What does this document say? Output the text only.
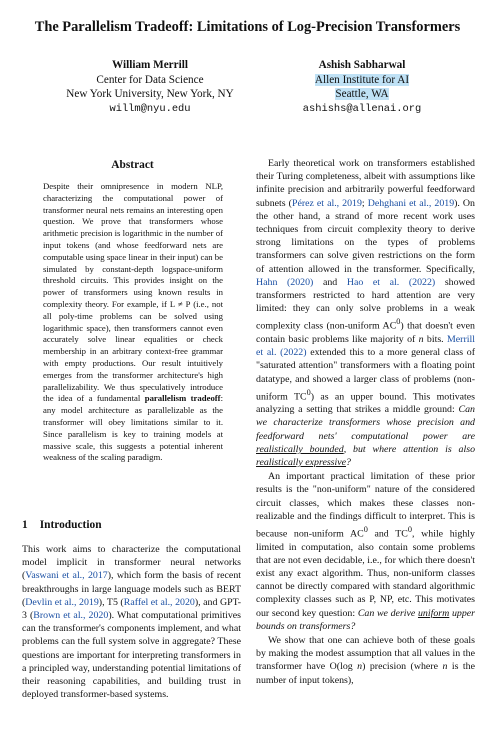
The Parallelism Tradeoff: Limitations of Log-Precision Transformers
William Merrill
Center for Data Science
New York University, New York, NY
willm@nyu.edu
Ashish Sabharwal
Allen Institute for AI
Seattle, WA
ashishs@allenai.org
Abstract

Despite their omnipresence in modern NLP, characterizing the computational power of transformer neural nets remains an interesting open question. We prove that transformers whose arithmetic precision is logarithmic in the number of input tokens (and whose feedforward nets are computable using space linear in their input) can be simulated by constant-depth logspace-uniform threshold circuits. This provides insight on the power of transformers using known results in complexity theory. For example, if L ≠ P (i.e., not all poly-time problems can be solved using logarithmic space), then transformers cannot even accurately solve linear equalities or check membership in an arbitrary context-free grammar with empty productions. Our result intuitively emerges from the transformer architecture's high parallelizability. We thus speculatively introduce the idea of a fundamental parallelism tradeoff: any model architecture as parallelizable as the transformer will obey limitations similar to it. Since parallelism is key to training models at massive scale, this suggests a potential inherent weakness of the scaling paradigm.

1 Introduction

This work aims to characterize the computational model implicit in transformer neural networks (Vaswani et al., 2017), which form the basis of recent breakthroughs in large language models such as BERT (Devlin et al., 2019), T5 (Raffel et al., 2020), and GPT-3 (Brown et al., 2020). What computational primitives can the transformer's components implement, and what problems can the full system solve in aggregate? These questions are important for interpreting transformers in a principled way, understanding potential limitations of their reasoning capabilities, and building trust in deployed transformer-based systems.

Early theoretical work on transformers established their Turing completeness, albeit with assumptions like infinite precision and arbitrarily powerful feedforward subnets (Pérez et al., 2019; Dehghani et al., 2019). On the other hand, a strand of more recent work uses techniques from circuit complexity theory to derive strong limitations on the types of problems transformers can solve given restrictions on the form of attention allowed in the transformer. Specifically, Hahn (2020) and Hao et al. (2022) showed transformers restricted to hard attention are very limited: they can only solve problems in a weak complexity class (non-uniform $AC^0$) that doesn't even contain basic problems like majority of n bits. Merrill et al. (2022) extended this to a more general class of "saturated attention" transformers with a floating point datatype, and showed a larger class of problems (non-uniform $TC^0$) as an upper bound. This motivates analyzing a setting that strikes a middle ground: Can we characterize transformers whose precision and feedforward nets' computational power are realistically bounded, but where attention is also realistically expressive?

An important practical limitation of these prior results is the "non-uniform" nature of the considered circuit classes, which makes these classes non-realizable and the findings difficult to interpret. This is because non-uniform $AC^0$ and $TC^0$, while highly limited in computation, also contain some problems that are not even decidable, i.e., for which there doesn't exist any exact algorithm. Thus, non-uniform classes cannot be directly compared with standard algorithmic complexity classes such as P, NP, etc. This motivates our second key question: Can we derive uniform upper bounds on transformers?

We show that one can achieve both of these goals by making the modest assumption that all values in the transformer have O(log n) precision (where n is the number of input tokens),
